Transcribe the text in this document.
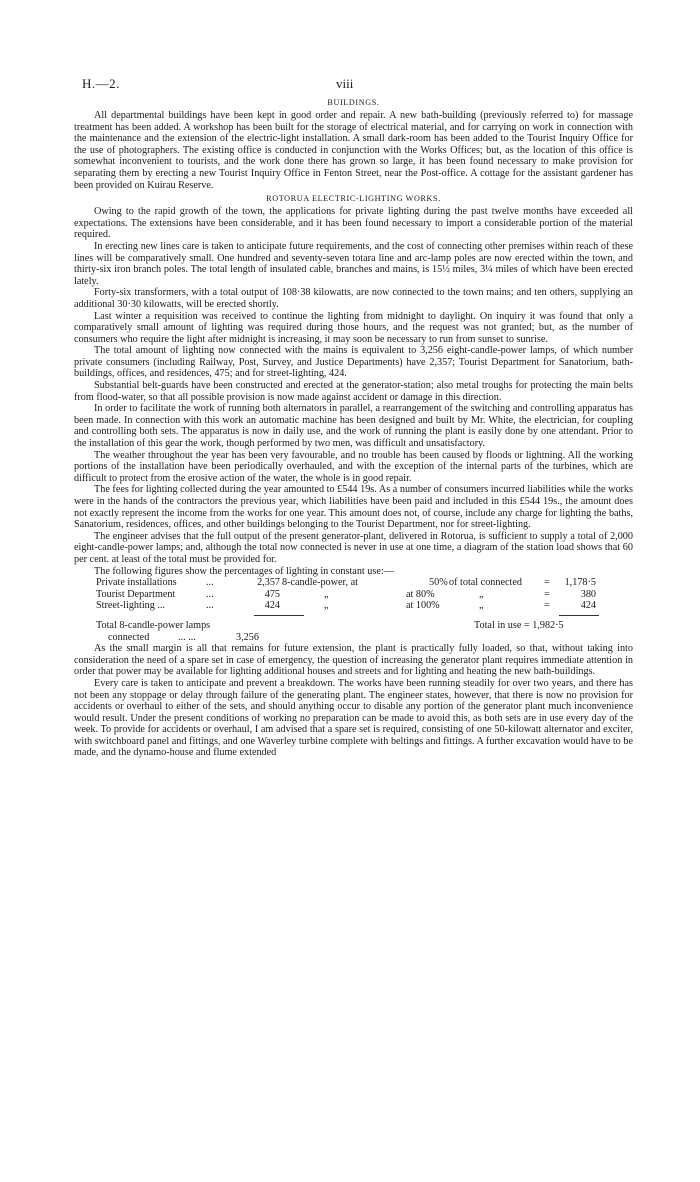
H.—2.	viii
BUILDINGS.

All departmental buildings have been kept in good order and repair. A new bath-building (previously referred to) for massage treatment has been added. A workshop has been built for the storage of electrical material, and for carrying on work in connection with the maintenance and the extension of the electric-light installation. A small dark-room has been added to the Tourist Inquiry Office for the use of photographers. The existing office is conducted in conjunction with the Works Offices; but, as the location of this office is somewhat inconvenient to tourists, and the work done there has grown so large, it has been found necessary to make provision for separating them by erecting a new Tourist Inquiry Office in Fenton Street, near the Post-office. A cottage for the assistant gardener has been provided on Kuirau Reserve.

ROTORUA ELECTRIC-LIGHTING WORKS.

Owing to the rapid growth of the town, the applications for private lighting during the past twelve months have exceeded all expectations. The extensions have been considerable, and it has been found necessary to import a considerable portion of the material required.

In erecting new lines care is taken to anticipate future requirements, and the cost of connecting other premises within reach of these lines will be comparatively small. One hundred and seventy-seven totara line and arc-lamp poles are now erected within the town, and thirty-six iron branch poles. The total length of insulated cable, branches and mains, is 15½ miles, 3¼ miles of which have been erected lately.

Forty-six transformers, with a total output of 108·38 kilowatts, are now connected to the town mains; and ten others, supplying an additional 30·30 kilowatts, will be erected shortly.

Last winter a requisition was received to continue the lighting from midnight to daylight. On inquiry it was found that only a comparatively small amount of lighting was required during those hours, and the request was not granted; but, as the number of consumers who require the light after midnight is increasing, it may soon be necessary to run from sunset to sunrise.

The total amount of lighting now connected with the mains is equivalent to 3,256 eight-candle-power lamps, of which number private consumers (including Railway, Post, Survey, and Justice Departments) have 2,357; Tourist Department for Sanatorium, bath-buildings, offices, and residences, 475; and for street-lighting, 424.

Substantial belt-guards have been constructed and erected at the generator-station; also metal troughs for protecting the main belts from flood-water, so that all possible provision is now made against accident or damage in this direction.

In order to facilitate the work of running both alternators in parallel, a rearrangement of the switching and controlling apparatus has been made. In connection with this work an automatic machine has been designed and built by Mr. White, the electrician, for coupling and controlling both sets. The apparatus is now in daily use, and the work of running the plant is easily done by one attendant. Prior to the installation of this gear the work, though performed by two men, was difficult and unsatisfactory.

The weather throughout the year has been very favourable, and no trouble has been caused by floods or lightning. All the working portions of the installation have been periodically overhauled, and with the exception of the internal parts of the turbines, which are difficult to protect from the erosive action of the water, the whole is in good repair.

The fees for lighting collected during the year amounted to £544 19s. As a number of consumers incurred liabilities while the works were in the hands of the contractors the previous year, which liabilities have been paid and included in this £544 19s., the amount does not exactly represent the income from the works for one year. This amount does not, of course, include any charge for lighting the baths, Sanatorium, residences, offices, and other buildings belonging to the Tourist Department, nor for street-lighting.

The engineer advises that the full output of the present generator-plant, delivered in Rotorua, is sufficient to supply a total of 2,000 eight-candle-power lamps; and, although the total now connected is never in use at one time, a diagram of the station load shows that 60 per cent. at least of the total must be provided for.

The following figures show the percentages of lighting in constant use:—

Private installations	...	2,357 8-candle-power, at	50% of total connected =	1,178·5
Tourist Department	...	475	„	at 80%	„	=	380
Street-lighting ...	...	424	„	at 100%	„	=	424
Total 8-candle-power lamps	Total in use = 1,982·5
connected	... ...	3,256

As the small margin is all that remains for future extension, the plant is practically fully loaded, so that, without taking into consideration the need of a spare set in case of emergency, the question of increasing the generator plant requires immediate attention in order that power may be available for lighting additional houses and streets and for lighting and heating the new bath-buildings.

Every care is taken to anticipate and prevent a breakdown. The works have been running steadily for over two years, and there has not been any stoppage or delay through failure of the generating plant. The engineer states, however, that there is now no provision for accidents or overhaul to either of the sets, and should anything occur to disable any portion of the generator plant much inconvenience would result. Under the present conditions of working no preparation can be made to avoid this, as both sets are in use every day of the week. To provide for accidents or overhaul, I am advised that a spare set is required, consisting of one 50-kilowatt alternator and exciter, with switchboard panel and fittings, and one Waverley turbine complete with beltings and fittings. A further excavation would have to be made, and the dynamo-house and flume extended
